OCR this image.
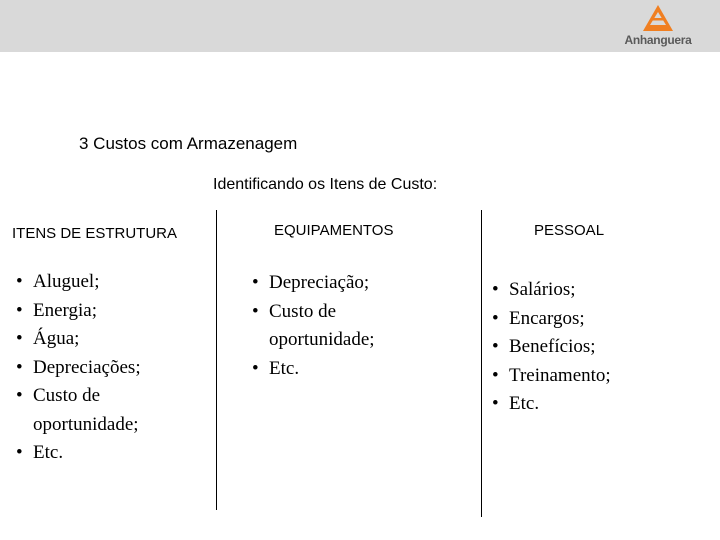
Anhanguera
3 Custos com Armazenagem
Identificando os Itens de Custo:
ITENS DE ESTRUTURA	EQUIPAMENTOS	PESSOAL
• Aluguel;
• Energia;
• Água;
• Depreciações;
• Custo de oportunidade;
• Etc.
• Depreciação;
• Custo de oportunidade;
• Etc.
• Salários;
• Encargos;
• Benefícios;
• Treinamento;
• Etc.
